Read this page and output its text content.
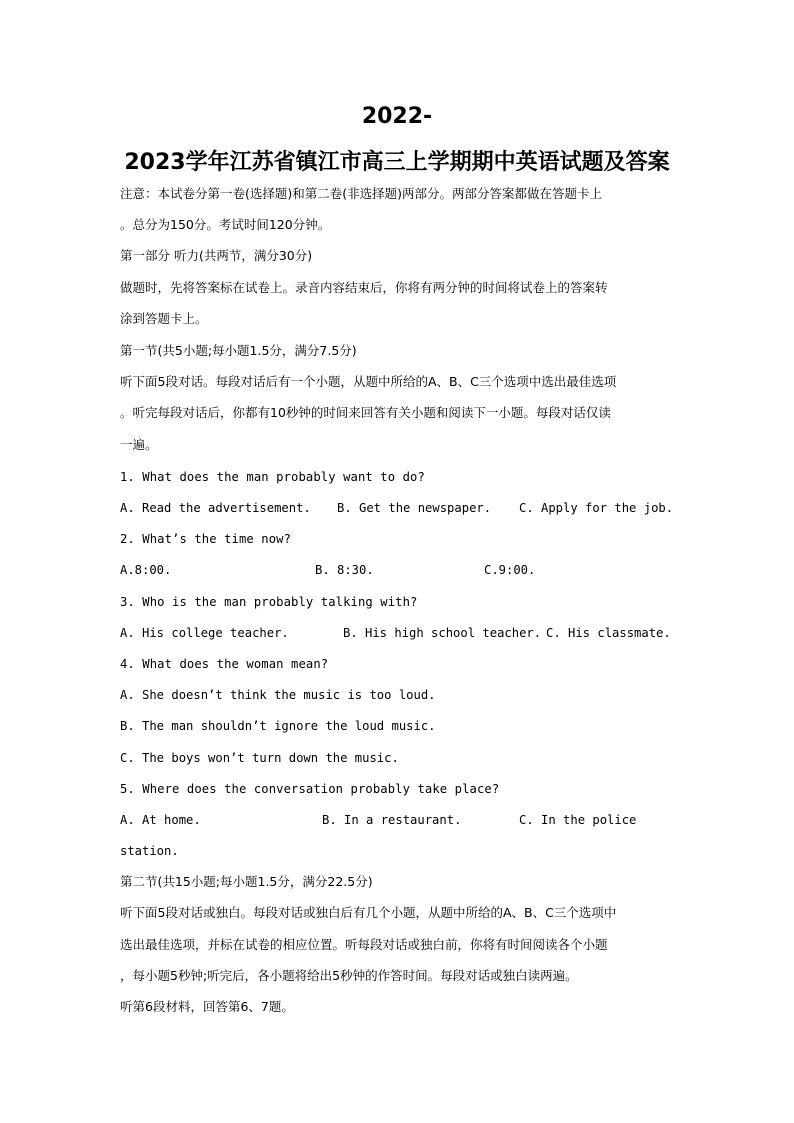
2022-
2023学年江苏省镇江市高三上学期期中英语试题及答案
注意：本试卷分第一卷(选择题)和第二卷(非选择题)两部分。两部分答案都做在答题卡上
。总分为150分。考试时间120分钟。
第一部分 听力(共两节，满分30分)
做题时，先将答案标在试卷上。录音内容结束后，你将有两分钟的时间将试卷上的答案转
涂到答题卡上。
第一节(共5小题;每小题1.5分，满分7.5分)
听下面5段对话。每段对话后有一个小题，从题中所给的A、B、C三个选项中选出最佳选项
。听完每段对话后，你都有10秒钟的时间来回答有关小题和阅读下一小题。每段对话仅读
一遍。
1. What does the man probably want to do?
A. Read the advertisement. B. Get the newspaper. C. Apply for the job.
2. What’s the time now?
A.8:00.	B. 8:30.	C.9:00.
3. Who is the man probably talking with?
A. His college teacher.	B. His high school teacher. C. His classmate.
4. What does the woman mean?
A. She doesn’t think the music is too loud.
B. The man shouldn’t ignore the loud music.
C. The boys won’t turn down the music.
5. Where does the conversation probably take place?
A. At home.	B. In a restaurant.	C. In the police
station.
第二节(共15小题;每小题1.5分，满分22.5分)
听下面5段对话或独白。每段对话或独白后有几个小题，从题中所给的A、B、C三个选项中
选出最佳选项，并标在试卷的相应位置。听每段对话或独白前，你将有时间阅读各个小题
，每小题5秒钟;听完后，各小题将给出5秒钟的作答时间。每段对话或独白读两遍。
听第6段材料，回答第6、7题。
